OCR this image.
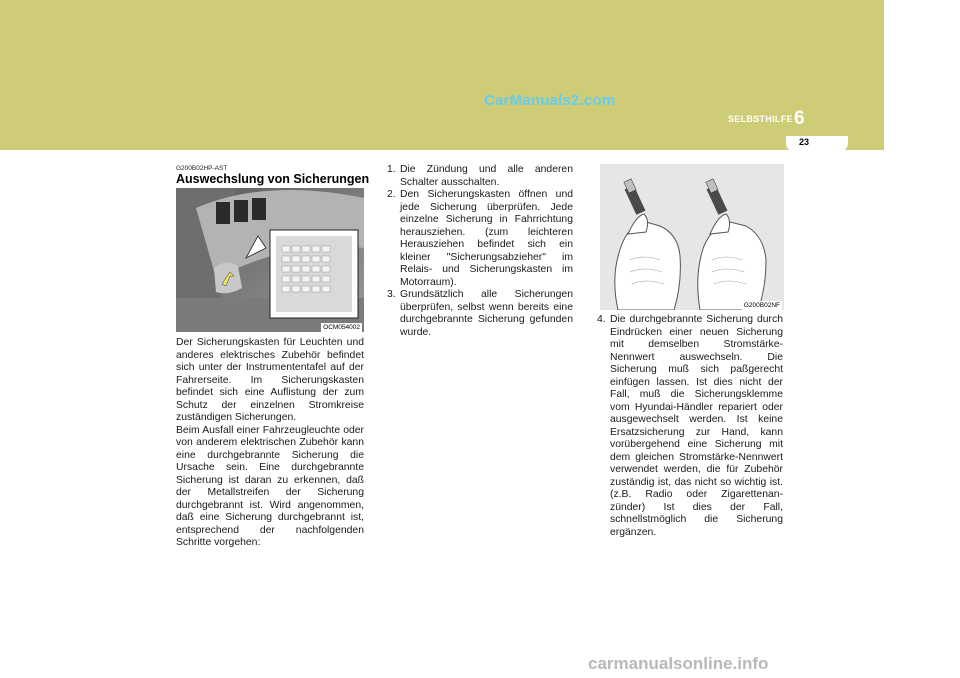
CarManuals2.com
SELBSTHILFE 6
23
G200B02HP-AST
Auswechslung von Sicherungen
OCM054002

Der Sicherungskasten für Leuchten und anderes elektrisches Zubehör befindet sich unter der Instrumententafel auf der Fahrerseite. Im Sicherungskasten befindet sich eine Auflistung der zum Schutz der einzelnen Stromkreise zuständigen Sicherungen.

Beim Ausfall einer Fahrzeugleuchte oder von anderem elektrischen Zubehör kann eine durchgebrannte Sicherung die Ursache sein. Eine durchgebrannte Sicherung ist daran zu erkennen, daß der Metallstreifen der Sicherung durchgebrannt ist. Wird angenommen, daß eine Sicherung durchgebrannt ist, entsprechend der nachfolgenden Schritte vorgehen:

1. Die Zündung und alle anderen Schalter ausschalten.
2. Den Sicherungskasten öffnen und jede Sicherung überprüfen. Jede einzelne Sicherung in Fahrrichtung herausziehen. (zum leichteren Herausziehen befindet sich ein kleiner "Sicherungsabzieher" im Relais- und Sicherungskasten im Motorraum).
3. Grundsätzlich alle Sicherungen überprüfen, selbst wenn bereits eine durchgebrannte Sicherung gefunden wurde.
G200B02NF
4. Die durchgebrannte Sicherung durch Eindrücken einer neuen Sicherung mit demselben Stromstärke-Nennwert auswechseln. Die Sicherung muß sich paßgerecht einfügen lassen. Ist dies nicht der Fall, muß die Sicherungsklemme vom Hyundai-Händler repariert oder ausgewechselt werden. Ist keine Ersatzsicherung zur Hand, kann vorübergehend eine Sicherung mit dem gleichen Stromstärke-Nennwert verwendet werden, die für Zubehör zuständig ist, das nicht so wichtig ist.(z.B. Radio oder Zigarettenan-zünder) Ist dies der Fall, schnellstmöglich die Sicherung ergänzen.
carmanualsonline.info
